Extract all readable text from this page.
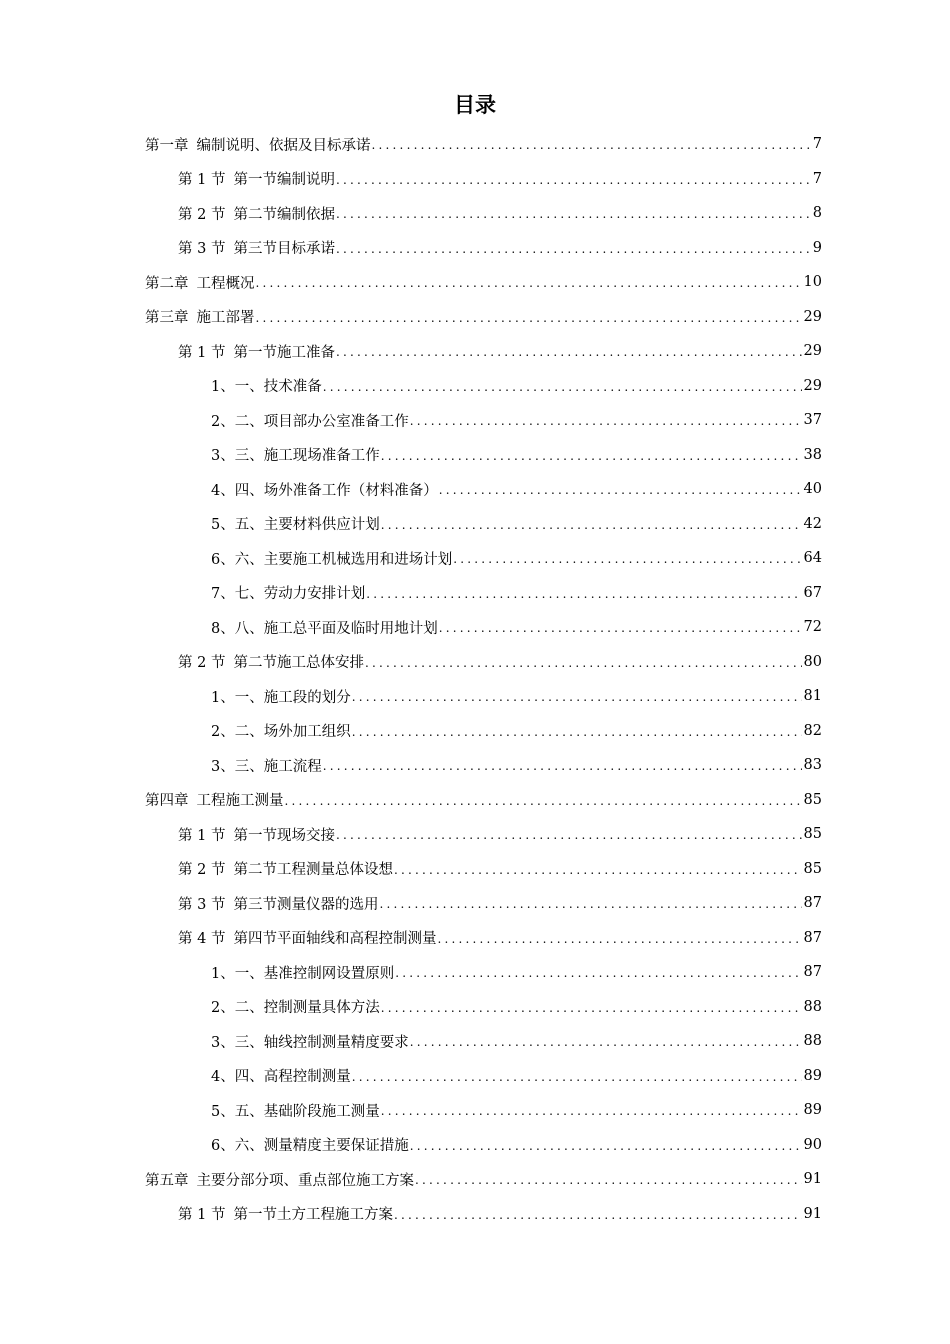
目录
第一章 编制说明、依据及目标承诺 .....	7
第 1 节 第一节编制说明 .....	7
第 2 节 第二节编制依据 .....	8
第 3 节 第三节目标承诺 .....	9
第二章 工程概况 .....	10
第三章 施工部署 .....	29
第 1 节 第一节施工准备 .....	29
1、 一、技术准备 .....	29
2、 二、项目部办公室准备工作 .....	37
3、 三、施工现场准备工作 .....	38
4、 四、场外准备工作（材料准备） .....	40
5、 五、主要材料供应计划 .....	42
6、 六、主要施工机械选用和进场计划 .....	64
7、 七、劳动力安排计划 .....	67
8、 八、施工总平面及临时用地计划 .....	72
第 2 节 第二节施工总体安排 .....	80
1、 一、施工段的划分 .....	81
2、 二、场外加工组织 .....	82
3、 三、施工流程 .....	83
第四章 工程施工测量 .....	85
第 1 节 第一节现场交接 .....	85
第 2 节 第二节工程测量总体设想 .....	85
第 3 节 第三节测量仪器的选用 .....	87
第 4 节 第四节平面轴线和高程控制测量 .....	87
1、 一、基准控制网设置原则 .....	87
2、 二、控制测量具体方法 .....	88
3、 三、轴线控制测量精度要求 .....	88
4、 四、高程控制测量 .....	89
5、 五、基础阶段施工测量 .....	89
6、 六、测量精度主要保证措施 .....	90
第五章 主要分部分项、重点部位施工方案 .....	91
第 1 节 第一节土方工程施工方案 .....	91
